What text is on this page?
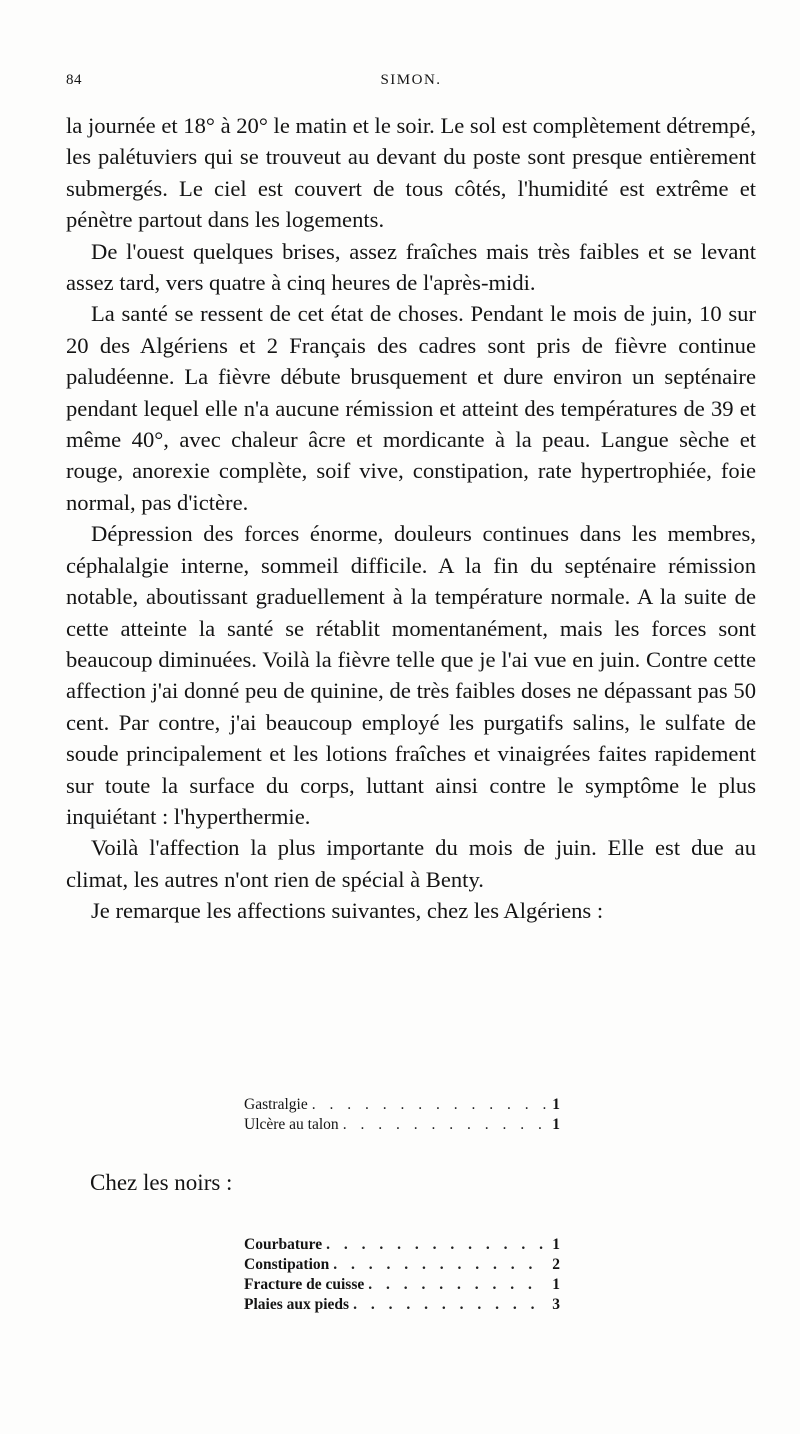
84	SIMON.

la journée et 18° à 20° le matin et le soir. Le sol est complètement détrempé, les palétuviers qui se trouveut au devant du poste sont presque entièrement submergés. Le ciel est couvert de tous côtés, l'humidité est extrême et pénètre partout dans les logements.

De l'ouest quelques brises, assez fraîches mais très faibles et se levant assez tard, vers quatre à cinq heures de l'après-midi.

La santé se ressent de cet état de choses. Pendant le mois de juin, 10 sur 20 des Algériens et 2 Français des cadres sont pris de fièvre continue paludéenne. La fièvre débute brusquement et dure environ un septénaire pendant lequel elle n'a aucune rémission et atteint des températures de 39 et même 40°, avec chaleur âcre et mordicante à la peau. Langue sèche et rouge, anorexie complète, soif vive, constipation, rate hypertrophiée, foie normal, pas d'ictère.

Dépression des forces énorme, douleurs continues dans les membres, céphalalgie interne, sommeil difficile. A la fin du septénaire rémission notable, aboutissant graduellement à la température normale. A la suite de cette atteinte la santé se rétablit momentanément, mais les forces sont beaucoup diminuées. Voilà la fièvre telle que je l'ai vue en juin. Contre cette affection j'ai donné peu de quinine, de très faibles doses ne dépassant pas 50 cent. Par contre, j'ai beaucoup employé les purgatifs salins, le sulfate de soude principalement et les lotions fraîches et vinaigrées faites rapidement sur toute la surface du corps, luttant ainsi contre le symptôme le plus inquiétant : l'hyperthermie.

Voilà l'affection la plus importante du mois de juin. Elle est due au climat, les autres n'ont rien de spécial à Benty.

Je remarque les affections suivantes, chez les Algériens :

Gastralgie . . .	1
Ulcère au talon . . .	1
Chez les noirs :
Courbature . . .	1
Constipation . . .	2
Fracture de cuisse . . .	1
Plaies aux pieds . . .	3
